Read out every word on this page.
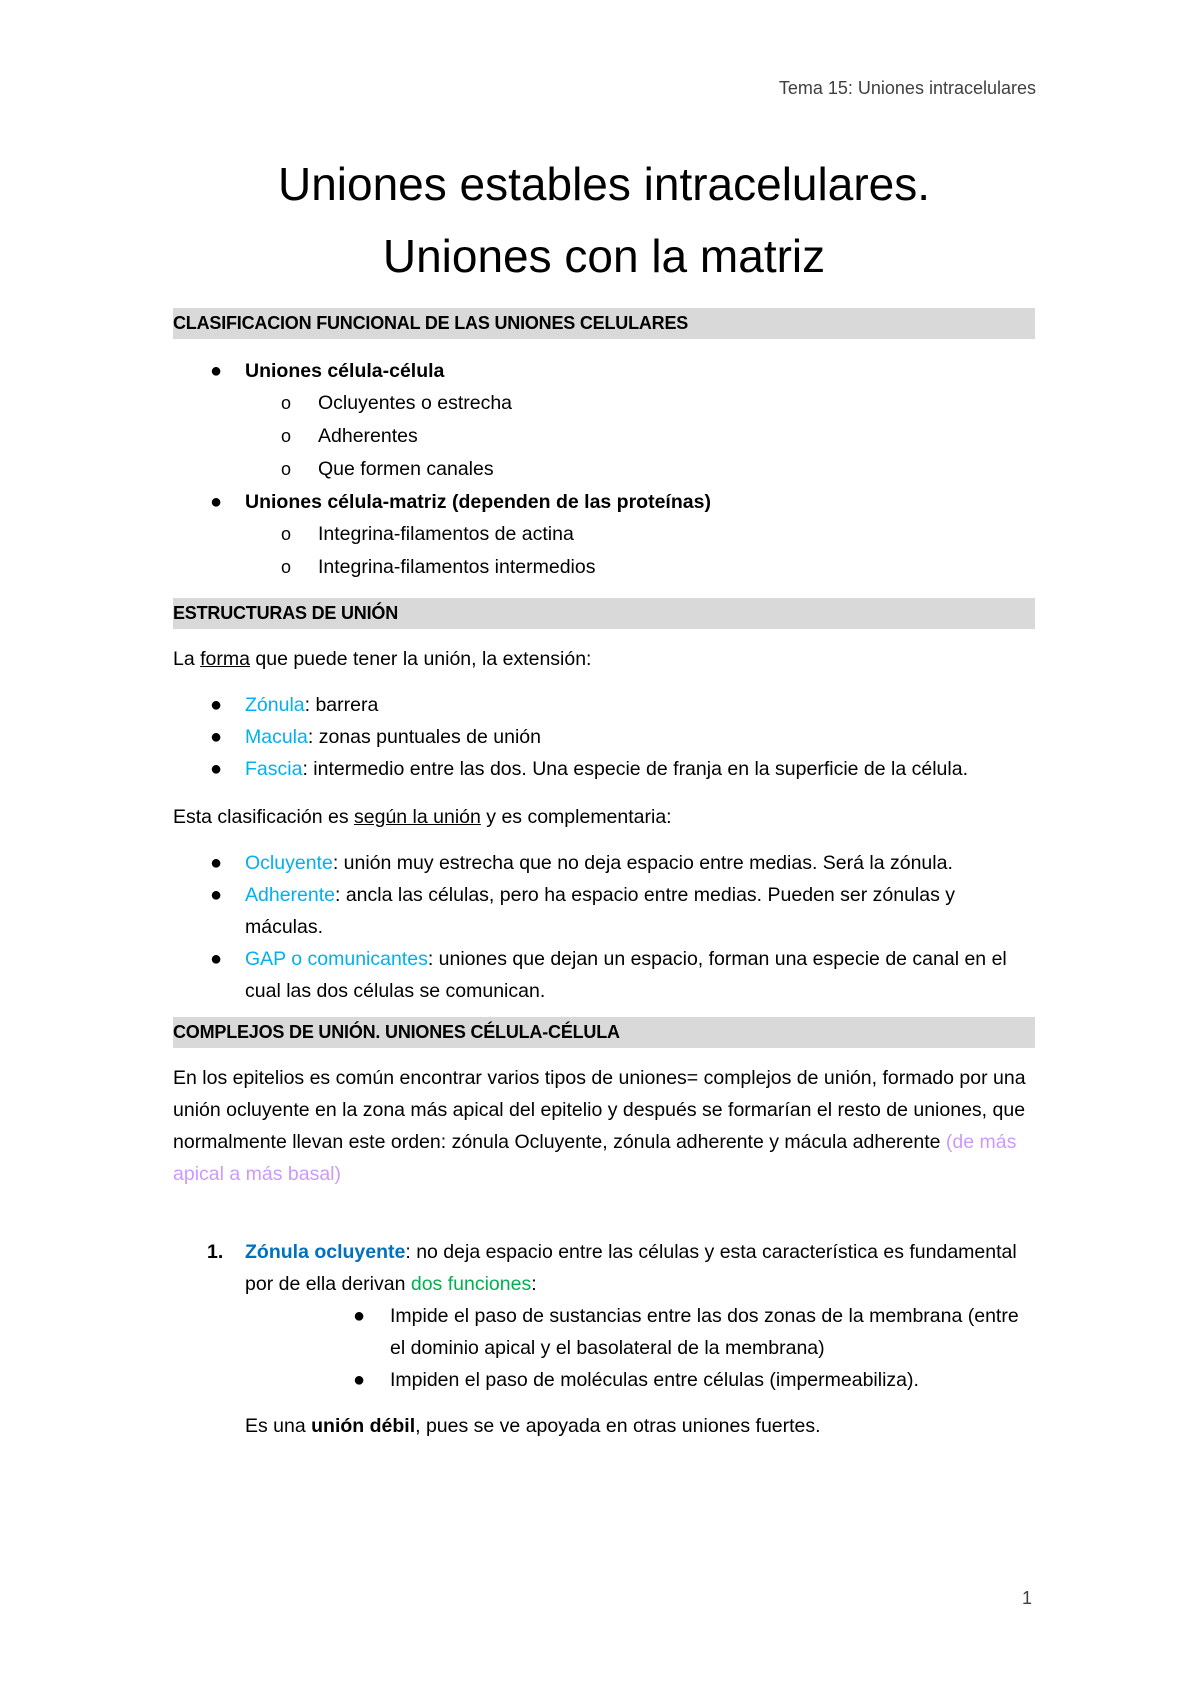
Tema 15: Uniones intracelulares
Uniones estables intracelulares.
Uniones con la matriz
CLASIFICACION FUNCIONAL DE LAS UNIONES CELULARES
● Uniones célula-célula
o Ocluyentes o estrecha
o Adherentes
o Que formen canales
● Uniones célula-matriz (dependen de las proteínas)
o Integrina-filamentos de actina
o Integrina-filamentos intermedios
ESTRUCTURAS DE UNIÓN

La forma que puede tener la unión, la extensión:

● Zónula: barrera
● Macula: zonas puntuales de unión
● Fascia: intermedio entre las dos. Una especie de franja en la superficie de la célula.

Esta clasificación es según la unión y es complementaria:

● Ocluyente: unión muy estrecha que no deja espacio entre medias. Será la zónula.
● Adherente: ancla las células, pero ha espacio entre medias. Pueden ser zónulas y máculas.
● GAP o comunicantes: uniones que dejan un espacio, forman una especie de canal en el cual las dos células se comunican.
COMPLEJOS DE UNIÓN. UNIONES CÉLULA-CÉLULA

En los epitelios es común encontrar varios tipos de uniones= complejos de unión, formado por una unión ocluyente en la zona más apical del epitelio y después se formarían el resto de uniones, que normalmente llevan este orden: zónula Ocluyente, zónula adherente y mácula adherente (de más apical a más basal)

1. Zónula ocluyente: no deja espacio entre las células y esta característica es fundamental por de ella derivan dos funciones:
● Impide el paso de sustancias entre las dos zonas de la membrana (entre el dominio apical y el basolateral de la membrana)
● Impiden el paso de moléculas entre células (impermeabiliza).

Es una unión débil, pues se ve apoyada en otras uniones fuertes.

1
